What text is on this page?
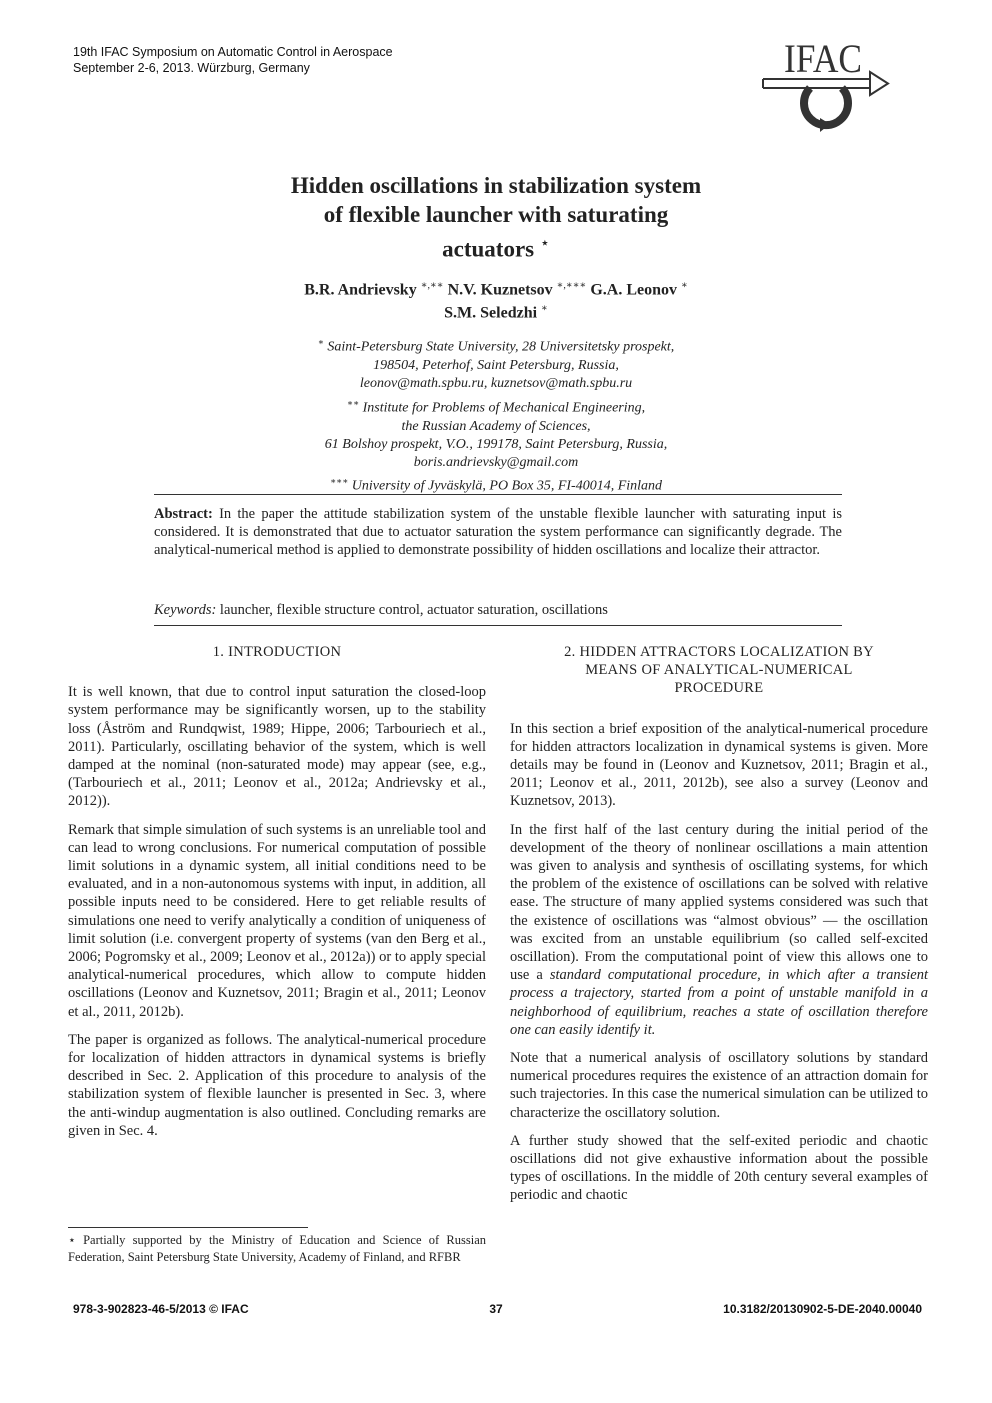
19th IFAC Symposium on Automatic Control in Aerospace
September 2-6, 2013. Würzburg, Germany	IFAC
Hidden oscillations in stabilization system
of flexible launcher with saturating
actuators ⋆
B.R. Andrievsky ∗,∗∗ N.V. Kuznetsov ∗,∗∗∗ G.A. Leonov ∗
S.M. Seledzhi ∗
∗ Saint-Petersburg State University, 28 Universitetsky prospekt,
198504, Peterhof, Saint Petersburg, Russia,
leonov@math.spbu.ru, kuznetsov@math.spbu.ru
∗∗ Institute for Problems of Mechanical Engineering,
the Russian Academy of Sciences,
61 Bolshoy prospekt, V.O., 199178, Saint Petersburg, Russia,
boris.andrievsky@gmail.com
∗∗∗ University of Jyväskylä, PO Box 35, FI-40014, Finland
Abstract: In the paper the attitude stabilization system of the unstable flexible launcher with saturating input is considered. It is demonstrated that due to actuator saturation the system performance can significantly degrade. The analytical-numerical method is applied to demonstrate possibility of hidden oscillations and localize their attractor.
Keywords: launcher, flexible structure control, actuator saturation, oscillations
1. INTRODUCTION

It is well known, that due to control input saturation the closed-loop system performance may be significantly worsen, up to the stability loss (Åström and Rundqwist, 1989; Hippe, 2006; Tarbouriech et al., 2011). Particularly, oscillating behavior of the system, which is well damped at the nominal (non-saturated mode) may appear (see, e.g., (Tarbouriech et al., 2011; Leonov et al., 2012a; Andrievsky et al., 2012)).

Remark that simple simulation of such systems is an unreliable tool and can lead to wrong conclusions. For numerical computation of possible limit solutions in a dynamic system, all initial conditions need to be evaluated, and in a non-autonomous systems with input, in addition, all possible inputs need to be considered. Here to get reliable results of simulations one need to verify analytically a condition of uniqueness of limit solution (i.e. convergent property of systems (van den Berg et al., 2006; Pogromsky et al., 2009; Leonov et al., 2012a)) or to apply special analytical-numerical procedures, which allow to compute hidden oscillations (Leonov and Kuznetsov, 2011; Bragin et al., 2011; Leonov et al., 2011, 2012b).

The paper is organized as follows. The analytical-numerical procedure for localization of hidden attractors in dynamical systems is briefly described in Sec. 2. Application of this procedure to analysis of the stabilization system of flexible launcher is presented in Sec. 3, where the anti-windup augmentation is also outlined. Concluding remarks are given in Sec. 4.

⋆ Partially supported by the Ministry of Education and Science of Russian Federation, Saint Petersburg State University, Academy of Finland, and RFBR
2. HIDDEN ATTRACTORS LOCALIZATION BY
MEANS OF ANALYTICAL-NUMERICAL
PROCEDURE

In this section a brief exposition of the analytical-numerical procedure for hidden attractors localization in dynamical systems is given. More details may be found in (Leonov and Kuznetsov, 2011; Bragin et al., 2011; Leonov et al., 2011, 2012b), see also a survey (Leonov and Kuznetsov, 2013).

In the first half of the last century during the initial period of the development of the theory of nonlinear oscillations a main attention was given to analysis and synthesis of oscillating systems, for which the problem of the existence of oscillations can be solved with relative ease. The structure of many applied systems considered was such that the existence of oscillations was “almost obvious” — the oscillation was excited from an unstable equilibrium (so called self-excited oscillation). From the computational point of view this allows one to use a standard computational procedure, in which after a transient process a trajectory, started from a point of unstable manifold in a neighborhood of equilibrium, reaches a state of oscillation therefore one can easily identify it.

Note that a numerical analysis of oscillatory solutions by standard numerical procedures requires the existence of an attraction domain for such trajectories. In this case the numerical simulation can be utilized to characterize the oscillatory solution.

A further study showed that the self-exited periodic and chaotic oscillations did not give exhaustive information about the possible types of oscillations. In the middle of 20th century several examples of periodic and chaotic

978-3-902823-46-5/2013 © IFAC	37	10.3182/20130902-5-DE-2040.00040
